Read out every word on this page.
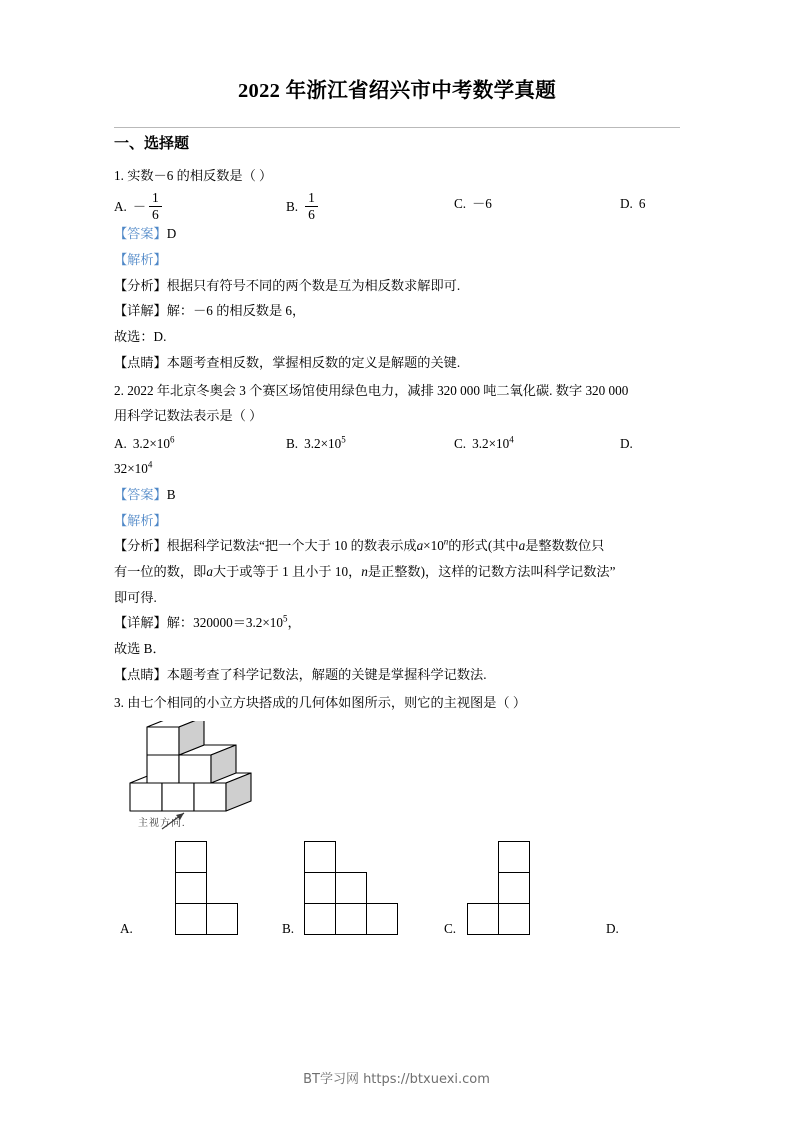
2022 年浙江省绍兴市中考数学真题
一、选择题
1. 实数－6 的相反数是（ ）
A. － $\frac{1}{6}$	B. $\frac{1}{6}$	C. －6	D. 6
【答案】D
【解析】
【分析】根据只有符号不同的两个数是互为相反数求解即可.
【详解】解：－6 的相反数是 6，
故选：D.
【点睛】本题考查相反数，掌握相反数的定义是解题的关键.
2. 2022 年北京冬奥会 3 个赛区场馆使用绿色电力，减排 320 000 吨二氧化碳. 数字 320 000
用科学记数法表示是（ ）
A. $3.2\times 10^6$	B. $3.2\times 10^5$	C. $3.2\times 10^4$	D.
$32\times 10^4$
【答案】B
【解析】
【分析】根据科学记数法“把一个大于 10 的数表示成$a\times 10^n$的形式(其中a是整数数位只
有一位的数，即a大于或等于 1 且小于 10，n是正整数)，这样的记数方法叫科学记数法”
即可得.
【详解】解：$320000=3.2\times 10^5$，
故选 B．
【点睛】本题考查了科学记数法，解题的关键是掌握科学记数法.
3. 由七个相同的小立方块搭成的几何体如图所示，则它的主视图是（ ）
主视方向.
A.	B.	C.	D.
BT学习网 https://btxuexi.com
